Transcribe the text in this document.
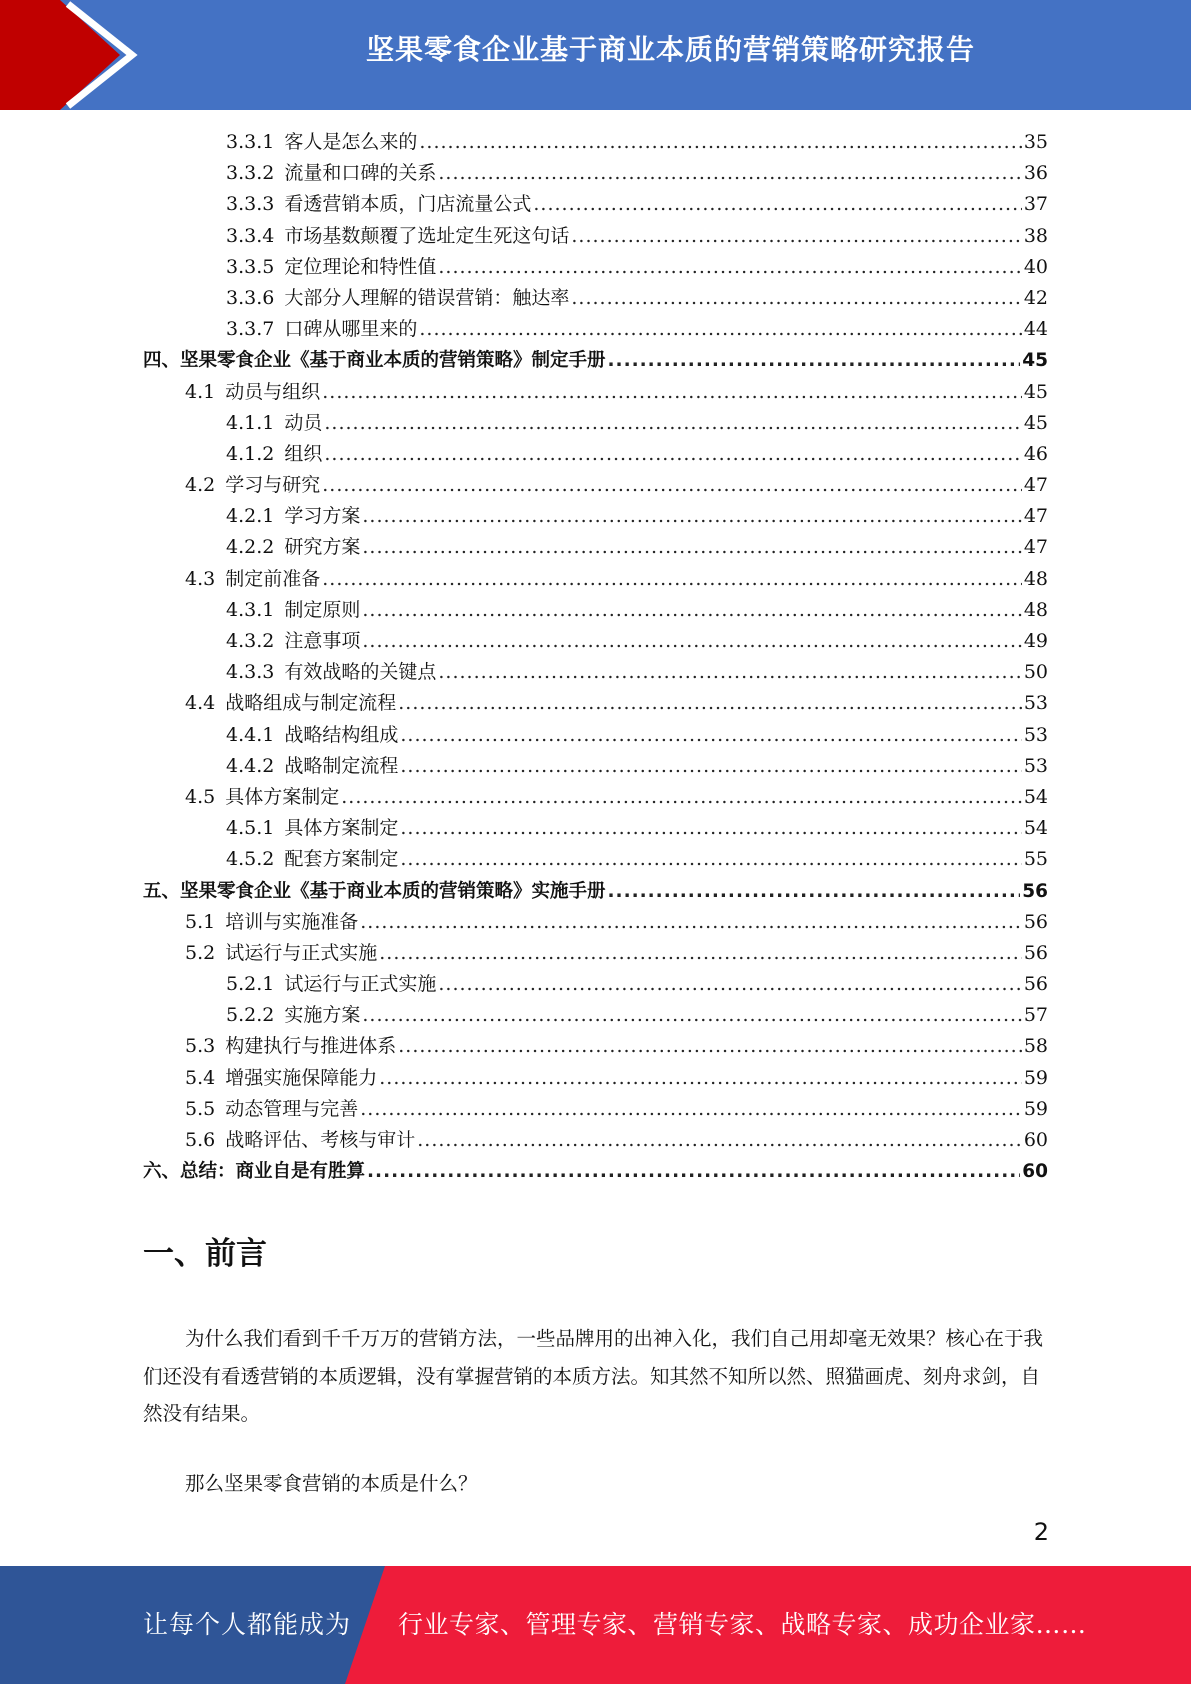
坚果零食企业基于商业本质的营销策略研究报告
3.3.1 客人是怎么来的 .....	35
3.3.2 流量和口碑的关系 .....	36
3.3.3 看透营销本质，门店流量公式 .....	37
3.3.4 市场基数颠覆了选址定生死这句话 .....	38
3.3.5 定位理论和特性值 .....	40
3.3.6 大部分人理解的错误营销：触达率 .....	42
3.3.7 口碑从哪里来的 .....	44
四、坚果零食企业《基于商业本质的营销策略》制定手册 .....	45
4.1 动员与组织 .....	45
4.1.1 动员 .....	45
4.1.2 组织 .....	46
4.2 学习与研究 .....	47
4.2.1 学习方案 .....	47
4.2.2 研究方案 .....	47
4.3 制定前准备 .....	48
4.3.1 制定原则 .....	48
4.3.2 注意事项 .....	49
4.3.3 有效战略的关键点 .....	50
4.4 战略组成与制定流程 .....	53
4.4.1 战略结构组成 .....	53
4.4.2 战略制定流程 .....	53
4.5 具体方案制定 .....	54
4.5.1 具体方案制定 .....	54
4.5.2 配套方案制定 .....	55
五、坚果零食企业《基于商业本质的营销策略》实施手册 .....	56
5.1 培训与实施准备 .....	56
5.2 试运行与正式实施 .....	56
5.2.1 试运行与正式实施 .....	56
5.2.2 实施方案 .....	57
5.3 构建执行与推进体系 .....	58
5.4 增强实施保障能力 .....	59
5.5 动态管理与完善 .....	59
5.6 战略评估、考核与审计 .....	60
六、总结：商业自是有胜算 .....	60
一、前言

为什么我们看到千千万万的营销方法，一些品牌用的出神入化，我们自己用却毫无效果？核心在于我们还没有看透营销的本质逻辑，没有掌握营销的本质方法。知其然不知所以然、照猫画虎、刻舟求剑，自然没有结果。

那么坚果零食营销的本质是什么？

2
让每个人都能成为 行业专家、管理专家、营销专家、战略专家、成功企业家……
